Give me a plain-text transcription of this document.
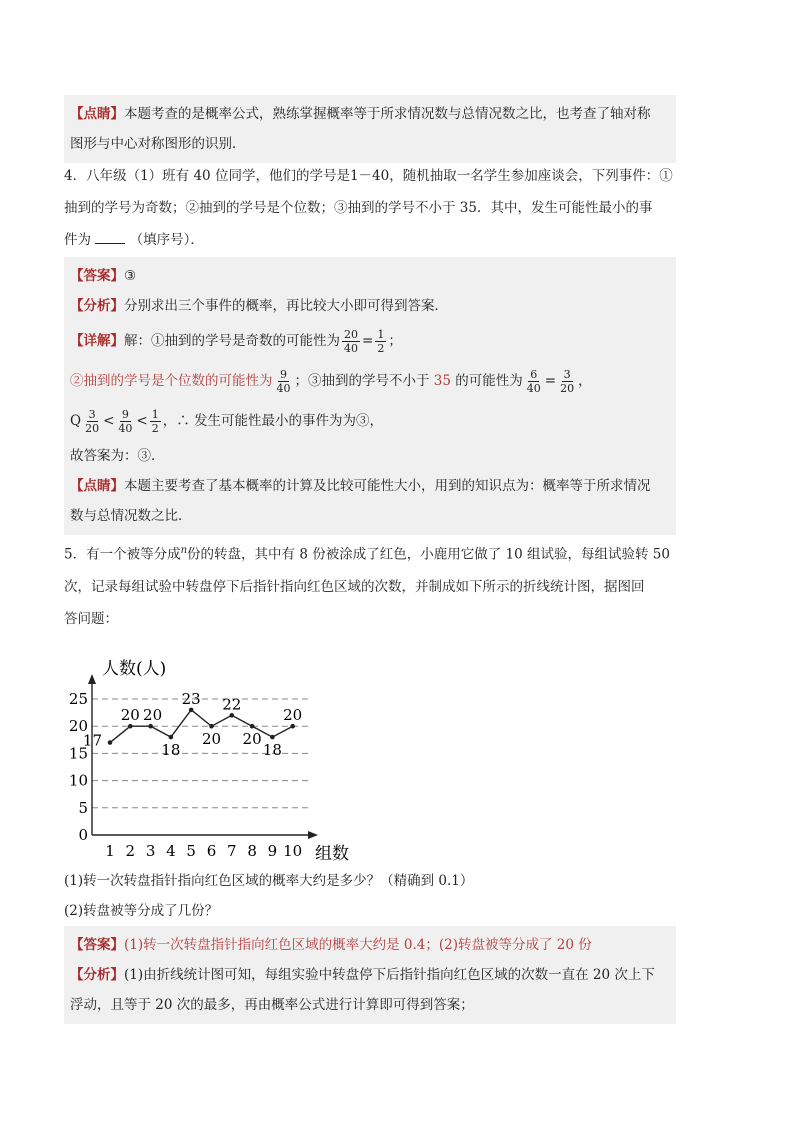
【点睛】本题考查的是概率公式，熟练掌握概率等于所求情况数与总情况数之比，也考查了轴对称
图形与中心对称图形的识别．
4．八年级（1）班有 40 位同学，他们的学号是1－40，随机抽取一名学生参加座谈会，下列事件：①
抽到的学号为奇数；②抽到的学号是个位数；③抽到的学号不小于 35．其中，发生可能性最小的事
件为	（填序号）．
【答案】③
【分析】分别求出三个事件的概率，再比较大小即可得到答案．
【详解】解：①抽到的学号是奇数的可能性为 $\frac{20}{40} = \frac{1}{2}$ ；
②抽到的学号是个位数的可能性为 $\frac{9}{40}$ ；③抽到的学号不小于 35 的可能性为 $\frac{6}{40} = \frac{3}{20}$ ，
Q $\frac{3}{20} < \frac{9}{40} < \frac{1}{2}$ ，∴ 发生可能性最小的事件为为③，
故答案为：③．
【点睛】本题主要考查了基本概率的计算及比较可能性大小，用到的知识点为：概率等于所求情况
数与总情况数之比．
5．有一个被等分成$^n$份的转盘，其中有 8 份被涂成了红色，小鹿用它做了 10 组试验，每组试验转 50
次，记录每组试验中转盘停下后指针指向红色区域的次数，并制成如下所示的折线统计图，据图回
答问题：
人数(人)
组数
0
5
10
15
20
25
1 2 3 4 5 6 7 8 9 10
17
20 20
18
23
20
22
20
18
20
(1)转一次转盘指针指向红色区域的概率大约是多少？（精确到 0.1）
(2)转盘被等分成了几份？
【答案】(1)转一次转盘指针指向红色区域的概率大约是 0.4；(2)转盘被等分成了 20 份
【分析】(1)由折线统计图可知，每组实验中转盘停下后指针指向红色区域的次数一直在 20 次上下
浮动，且等于 20 次的最多，再由概率公式进行计算即可得到答案；
